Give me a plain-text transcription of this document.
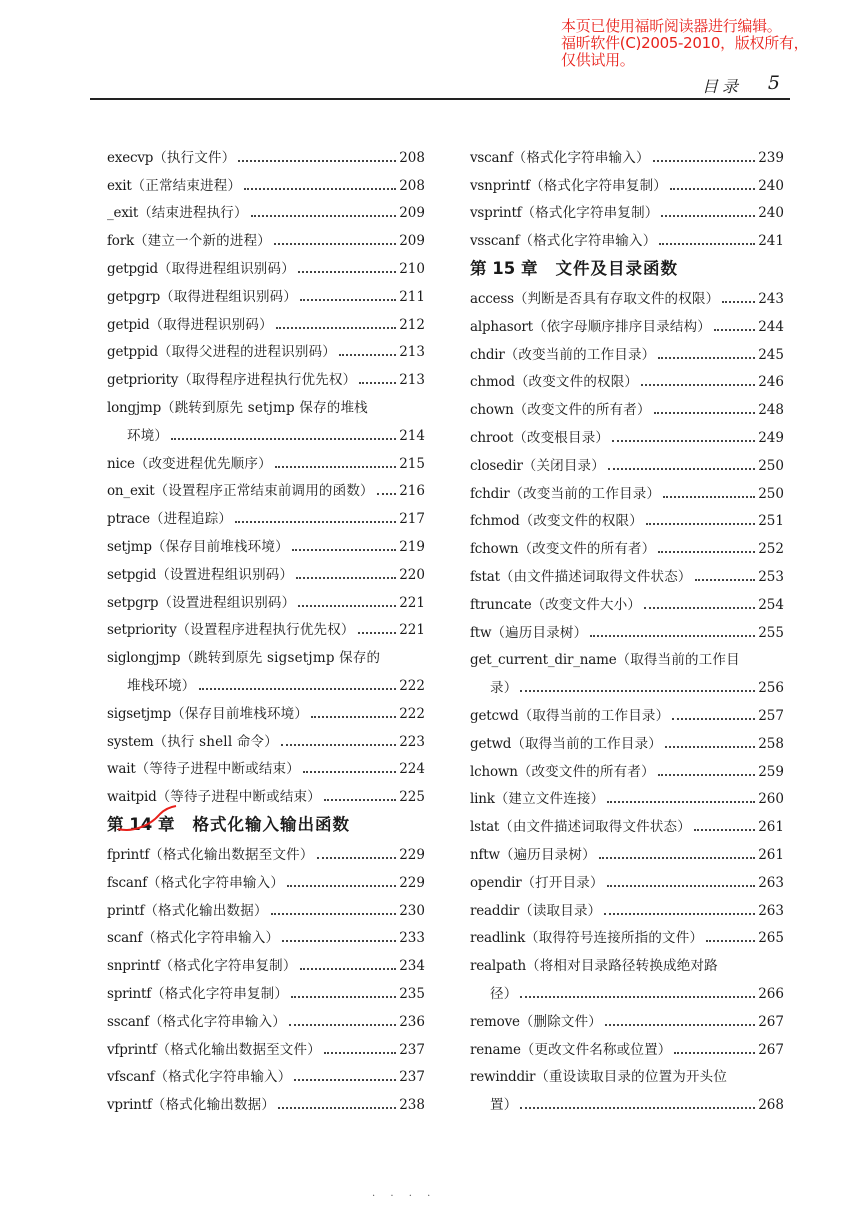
本页已使用福昕阅读器进行编辑。
福昕软件(C)2005-2010，版权所有，
仅供试用。
目录 5
execvp（执行文件）	208
exit（正常结束进程）	208
_exit（结束进程执行）	209
fork（建立一个新的进程）	209
getpgid（取得进程组识别码）	210
getpgrp（取得进程组识别码）	211
getpid（取得进程识别码）	212
getppid（取得父进程的进程识别码）	213
getpriority（取得程序进程执行优先权）	213
longjmp（跳转到原先 setjmp 保存的堆栈
环境）	214
nice（改变进程优先顺序）	215
on_exit（设置程序正常结束前调用的函数） 216
ptrace（进程追踪）	217
setjmp（保存目前堆栈环境）	219
setpgid（设置进程组识别码）	220
setpgrp（设置进程组识别码）	221
setpriority（设置程序进程执行优先权）	221
siglongjmp（跳转到原先 sigsetjmp 保存的
堆栈环境）	222
sigsetjmp（保存目前堆栈环境）	222
system（执行 shell 命令）	223
wait（等待子进程中断或结束）	224
waitpid（等待子进程中断或结束）	225
第 14 章 格式化输入输出函数
fprintf（格式化输出数据至文件）	229
fscanf（格式化字符串输入）	229
printf（格式化输出数据）	230
scanf（格式化字符串输入）	233
snprintf（格式化字符串复制）	234
sprintf（格式化字符串复制）	235
sscanf（格式化字符串输入）	236
vfprintf（格式化输出数据至文件）	237
vfscanf（格式化字符串输入）	237
vprintf（格式化输出数据）	238
vscanf（格式化字符串输入）	239
vsnprintf（格式化字符串复制）	240
vsprintf（格式化字符串复制）	240
vsscanf（格式化字符串输入）	241
第 15 章 文件及目录函数
access（判断是否具有存取文件的权限）	243
alphasort（依字母顺序排序目录结构）	244
chdir（改变当前的工作目录）	245
chmod（改变文件的权限）	246
chown（改变文件的所有者）	248
chroot（改变根目录）	249
closedir（关闭目录）	250
fchdir（改变当前的工作目录）	250
fchmod（改变文件的权限）	251
fchown（改变文件的所有者）	252
fstat（由文件描述词取得文件状态）	253
ftruncate（改变文件大小）	254
ftw（遍历目录树）	255
get_current_dir_name（取得当前的工作目
录）	256
getcwd（取得当前的工作目录）	257
getwd（取得当前的工作目录）	258
lchown（改变文件的所有者）	259
link（建立文件连接）	260
lstat（由文件描述词取得文件状态）	261
nftw（遍历目录树）	261
opendir（打开目录）	263
readdir（读取目录）	263
readlink（取得符号连接所指的文件）	265
realpath（将相对目录路径转换成绝对路
径）	266
remove（删除文件）	267
rename（更改文件名称或位置）	267
rewinddir（重设读取目录的位置为开头位
置）	268
. . . .
